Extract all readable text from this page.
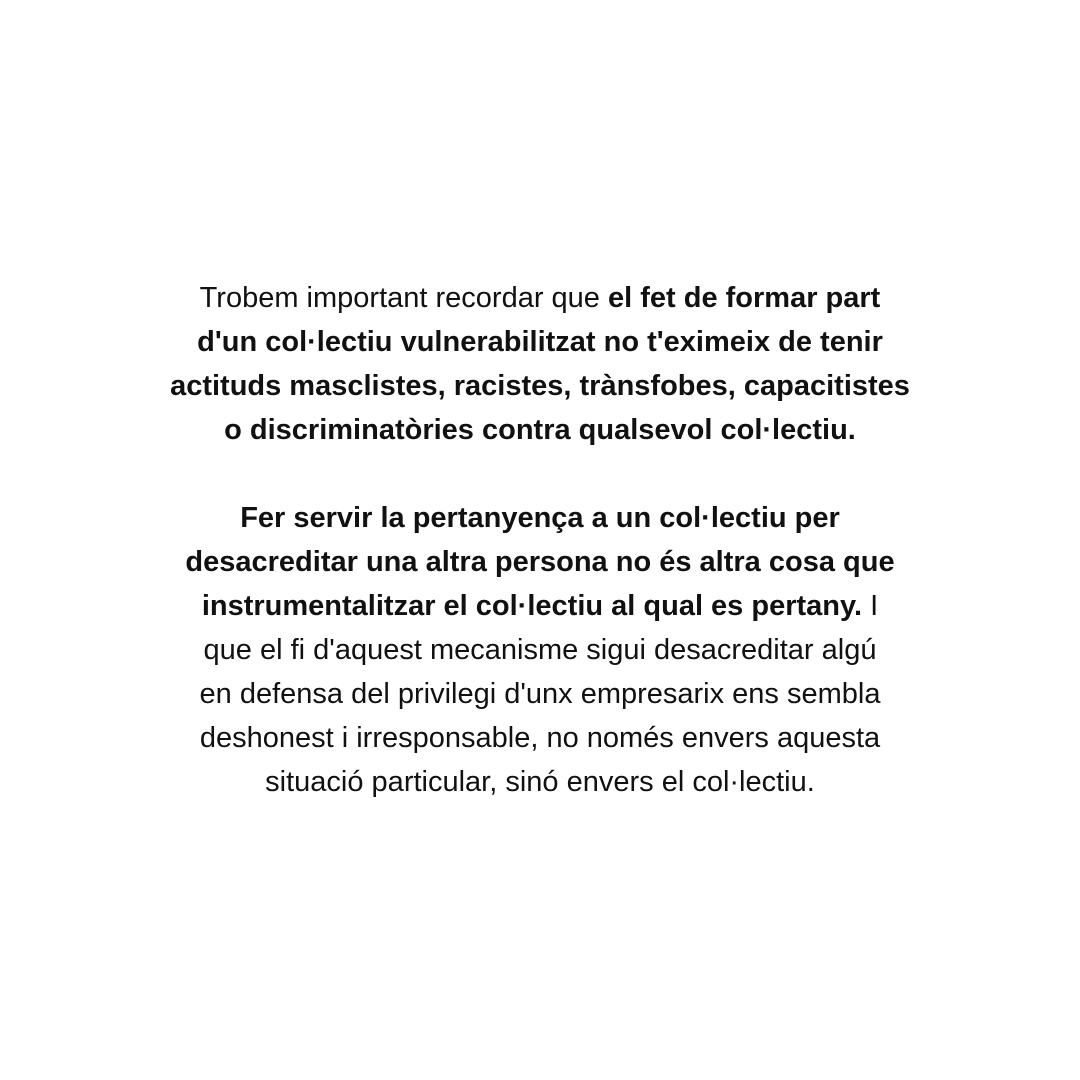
Trobem important recordar que el fet de formar part
d'un col·lectiu vulnerabilitzat no t'eximeix de tenir
actituds masclistes, racistes, trànsfobes, capacitistes
o discriminatòries contra qualsevol col·lectiu.

Fer servir la pertanyença a un col·lectiu per
desacreditar una altra persona no és altra cosa que
instrumentalitzar el col·lectiu al qual es pertany. I
que el fi d'aquest mecanisme sigui desacreditar algú
en defensa del privilegi d'unx empresarix ens sembla
deshonest i irresponsable, no només envers aquesta
situació particular, sinó envers el col·lectiu.
